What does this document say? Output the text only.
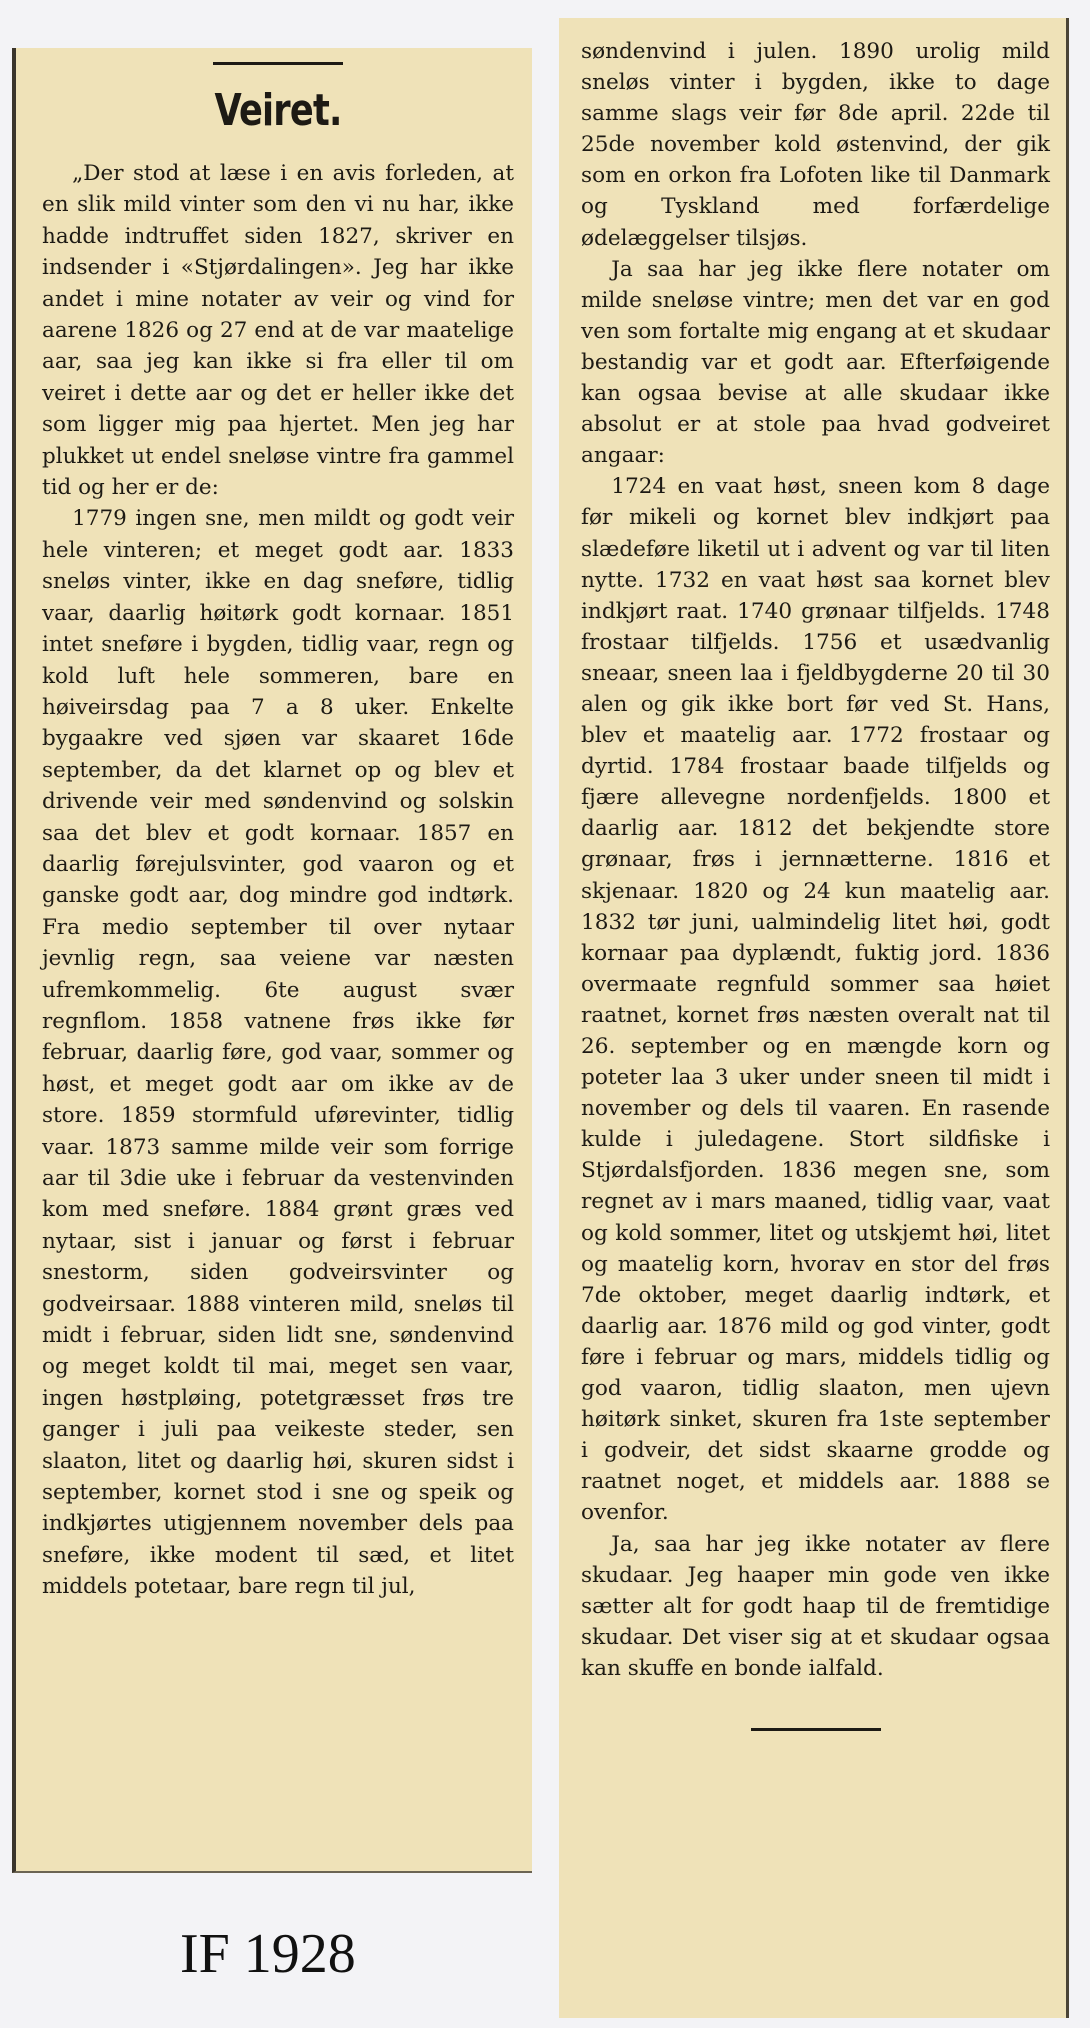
Veiret.

„Der stod at læse i en avis forleden, at en slik mild vinter som den vi nu har, ikke hadde indtruffet siden 1827, skriver en indsender i «Stjørdalingen». Jeg har ikke andet i mine notater av veir og vind for aarene 1826 og 27 end at de var maatelige aar, saa jeg kan ikke si fra eller til om veiret i dette aar og det er heller ikke det som ligger mig paa hjertet. Men jeg har plukket ut endel sneløse vintre fra gammel tid og her er de:

1779 ingen sne, men mildt og godt veir hele vinteren; et meget godt aar. 1833 sneløs vinter, ikke en dag sneføre, tidlig vaar, daarlig høitørk godt kornaar. 1851 intet sneføre i bygden, tidlig vaar, regn og kold luft hele sommeren, bare en høiveirsdag paa 7 a 8 uker. Enkelte bygaakre ved sjøen var skaaret 16de september, da det klarnet op og blev et drivende veir med søndenvind og solskin saa det blev et godt kornaar. 1857 en daarlig førejulsvinter, god vaaron og et ganske godt aar, dog mindre god indtørk. Fra medio september til over nytaar jevnlig regn, saa veiene var næsten ufremkommelig. 6te august svær regnflom. 1858 vatnene frøs ikke før februar, daarlig føre, god vaar, sommer og høst, et meget godt aar om ikke av de store. 1859 stormfuld uførevinter, tidlig vaar. 1873 samme milde veir som forrige aar til 3die uke i februar da vestenvinden kom med sneføre. 1884 grønt græs ved nytaar, sist i januar og først i februar snestorm, siden godveirsvinter og godveirsaar. 1888 vinteren mild, sneløs til midt i februar, siden lidt sne, søndenvind og meget koldt til mai, meget sen vaar, ingen høstpløing, potetgræsset frøs tre ganger i juli paa veikeste steder, sen slaaton, litet og daarlig høi, skuren sidst i september, kornet stod i sne og speik og indkjørtes utigjennem november dels paa sneføre, ikke modent til sæd, et litet middels potetaar, bare regn til jul,

søndenvind i julen. 1890 urolig mild sneløs vinter i bygden, ikke to dage samme slags veir før 8de april. 22de til 25de november kold østenvind, der gik som en orkon fra Lofoten like til Danmark og Tyskland med forfærdelige ødelæggelser tilsjøs.

Ja saa har jeg ikke flere notater om milde sneløse vintre; men det var en god ven som fortalte mig engang at et skudaar bestandig var et godt aar. Efterføigende kan ogsaa bevise at alle skudaar ikke absolut er at stole paa hvad godveiret angaar:

1724 en vaat høst, sneen kom 8 dage før mikeli og kornet blev indkjørt paa slædeføre liketil ut i advent og var til liten nytte. 1732 en vaat høst saa kornet blev indkjørt raat. 1740 grønaar tilfjelds. 1748 frostaar tilfjelds. 1756 et usædvanlig sneaar, sneen laa i fjeldbygderne 20 til 30 alen og gik ikke bort før ved St. Hans, blev et maatelig aar. 1772 frostaar og dyrtid. 1784 frostaar baade tilfjelds og fjære allevegne nordenfjelds. 1800 et daarlig aar. 1812 det bekjendte store grønaar, frøs i jernnætterne. 1816 et skjenaar. 1820 og 24 kun maatelig aar. 1832 tør juni, ualmindelig litet høi, godt kornaar paa dyplændt, fuktig jord. 1836 overmaate regnfuld sommer saa høiet raatnet, kornet frøs næsten overalt nat til 26. september og en mængde korn og poteter laa 3 uker under sneen til midt i november og dels til vaaren. En rasende kulde i juledagene. Stort sildfiske i Stjørdalsfjorden. 1836 megen sne, som regnet av i mars maaned, tidlig vaar, vaat og kold sommer, litet og utskjemt høi, litet og maatelig korn, hvorav en stor del frøs 7de oktober, meget daarlig indtørk, et daarlig aar. 1876 mild og god vinter, godt føre i februar og mars, middels tidlig og god vaaron, tidlig slaaton, men ujevn høitørk sinket, skuren fra 1ste september i godveir, det sidst skaarne grodde og raatnet noget, et middels aar. 1888 se ovenfor.

Ja, saa har jeg ikke notater av flere skudaar. Jeg haaper min gode ven ikke sætter alt for godt haap til de fremtidige skudaar. Det viser sig at et skudaar ogsaa kan skuffe en bonde ialfald.

IF 1928
